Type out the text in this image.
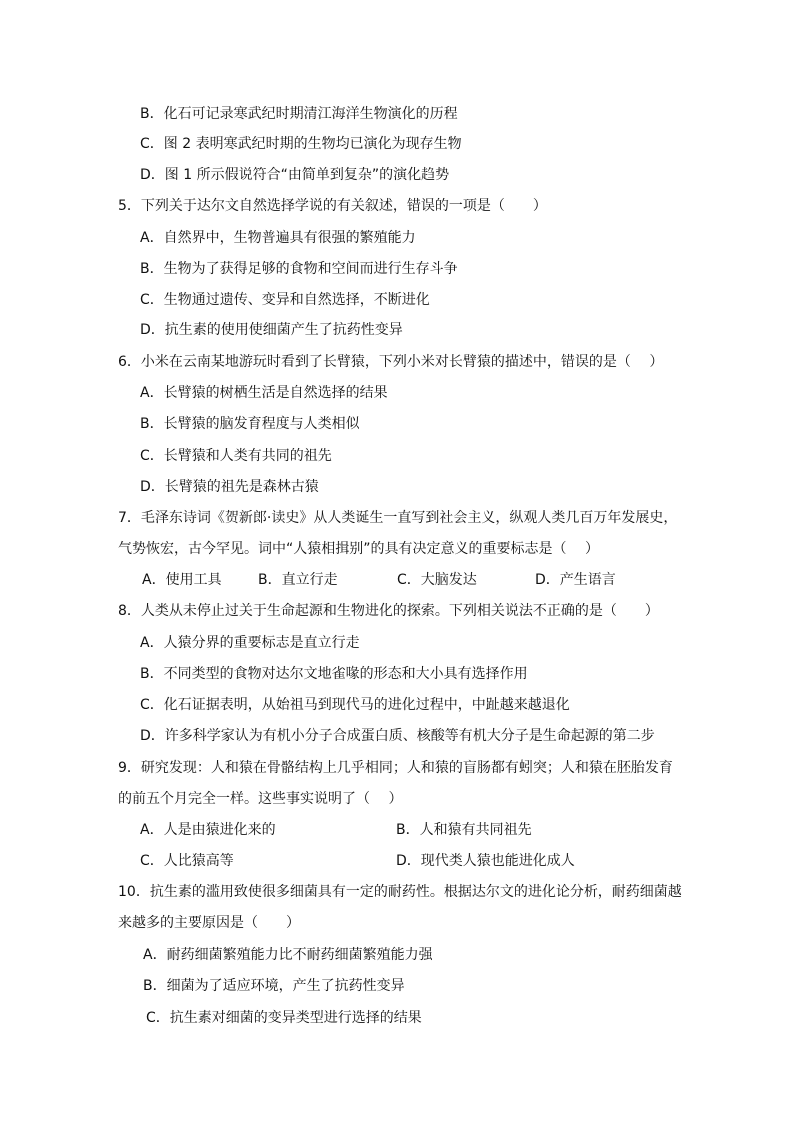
B．化石可记录寒武纪时期清江海洋生物演化的历程
C．图 2 表明寒武纪时期的生物均已演化为现存生物
D．图 1 所示假说符合“由简单到复杂”的演化趋势
5．下列关于达尔文自然选择学说的有关叙述，错误的一项是（　　）
A．自然界中，生物普遍具有很强的繁殖能力
B．生物为了获得足够的食物和空间而进行生存斗争
C．生物通过遗传、变异和自然选择，不断进化
D．抗生素的使用使细菌产生了抗药性变异
6．小米在云南某地游玩时看到了长臂猿，下列小米对长臂猿的描述中，错误的是（　 ）
A．长臂猿的树栖生活是自然选择的结果
B．长臂猿的脑发育程度与人类相似
C．长臂猿和人类有共同的祖先
D．长臂猿的祖先是森林古猿
7．毛泽东诗词《贺新郎·读史》从人类诞生一直写到社会主义，纵观人类几百万年发展史，
气势恢宏，古今罕见。词中“人猿相揖别”的具有决定意义的重要标志是（　 ）
A．使用工具	B．直立行走	C．大脑发达	D．产生语言
8．人类从未停止过关于生命起源和生物进化的探索。下列相关说法不正确的是（　　）
A．人猿分界的重要标志是直立行走
B．不同类型的食物对达尔文地雀喙的形态和大小具有选择作用
C．化石证据表明，从始祖马到现代马的进化过程中，中趾越来越退化
D．许多科学家认为有机小分子合成蛋白质、核酸等有机大分子是生命起源的第二步
9．研究发现：人和猿在骨骼结构上几乎相同；人和猿的盲肠都有蚓突；人和猿在胚胎发育
的前五个月完全一样。这些事实说明了（　 ）
A．人是由猿进化来的	B．人和猿有共同祖先
C．人比猿高等	D．现代类人猿也能进化成人
10．抗生素的滥用致使很多细菌具有一定的耐药性。根据达尔文的进化论分析，耐药细菌越
来越多的主要原因是（　　）
A．耐药细菌繁殖能力比不耐药细菌繁殖能力强
B．细菌为了适应环境，产生了抗药性变异
C．抗生素对细菌的变异类型进行选择的结果
